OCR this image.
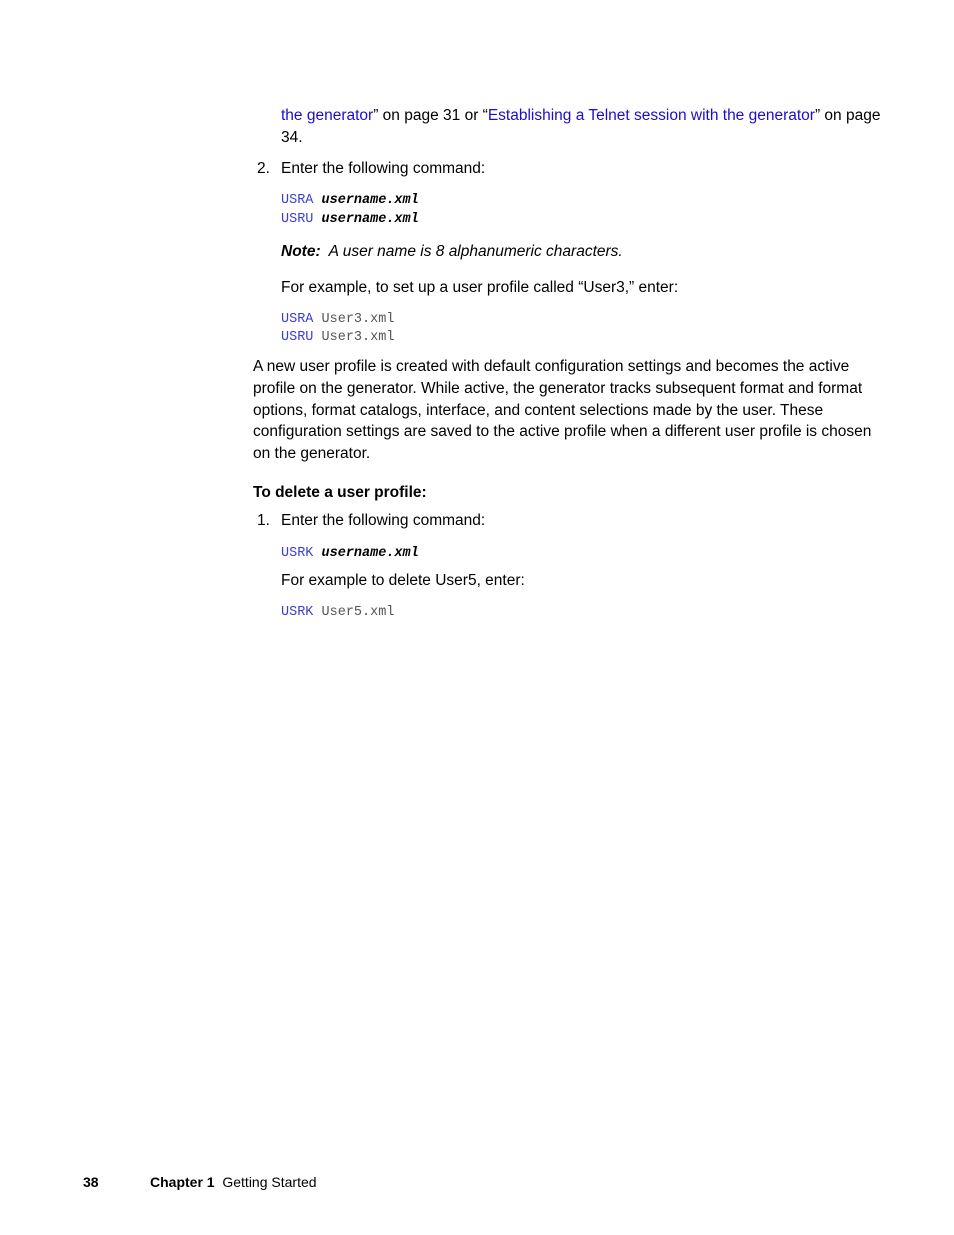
the generator” on page 31 or “Establishing a Telnet session with the generator” on page
34.
2. Enter the following command:
USRA username.xml
USRU username.xml
Note: A user name is 8 alphanumeric characters.
For example, to set up a user profile called “User3,” enter:
USRA User3.xml
USRU User3.xml
A new user profile is created with default configuration settings and becomes the active
profile on the generator. While active, the generator tracks subsequent format and format
options, format catalogs, interface, and content selections made by the user. These
configuration settings are saved to the active profile when a different user profile is chosen
on the generator.
To delete a user profile:
1. Enter the following command:
USRK username.xml
For example to delete User5, enter:
USRK User5.xml
38	Chapter 1 Getting Started
